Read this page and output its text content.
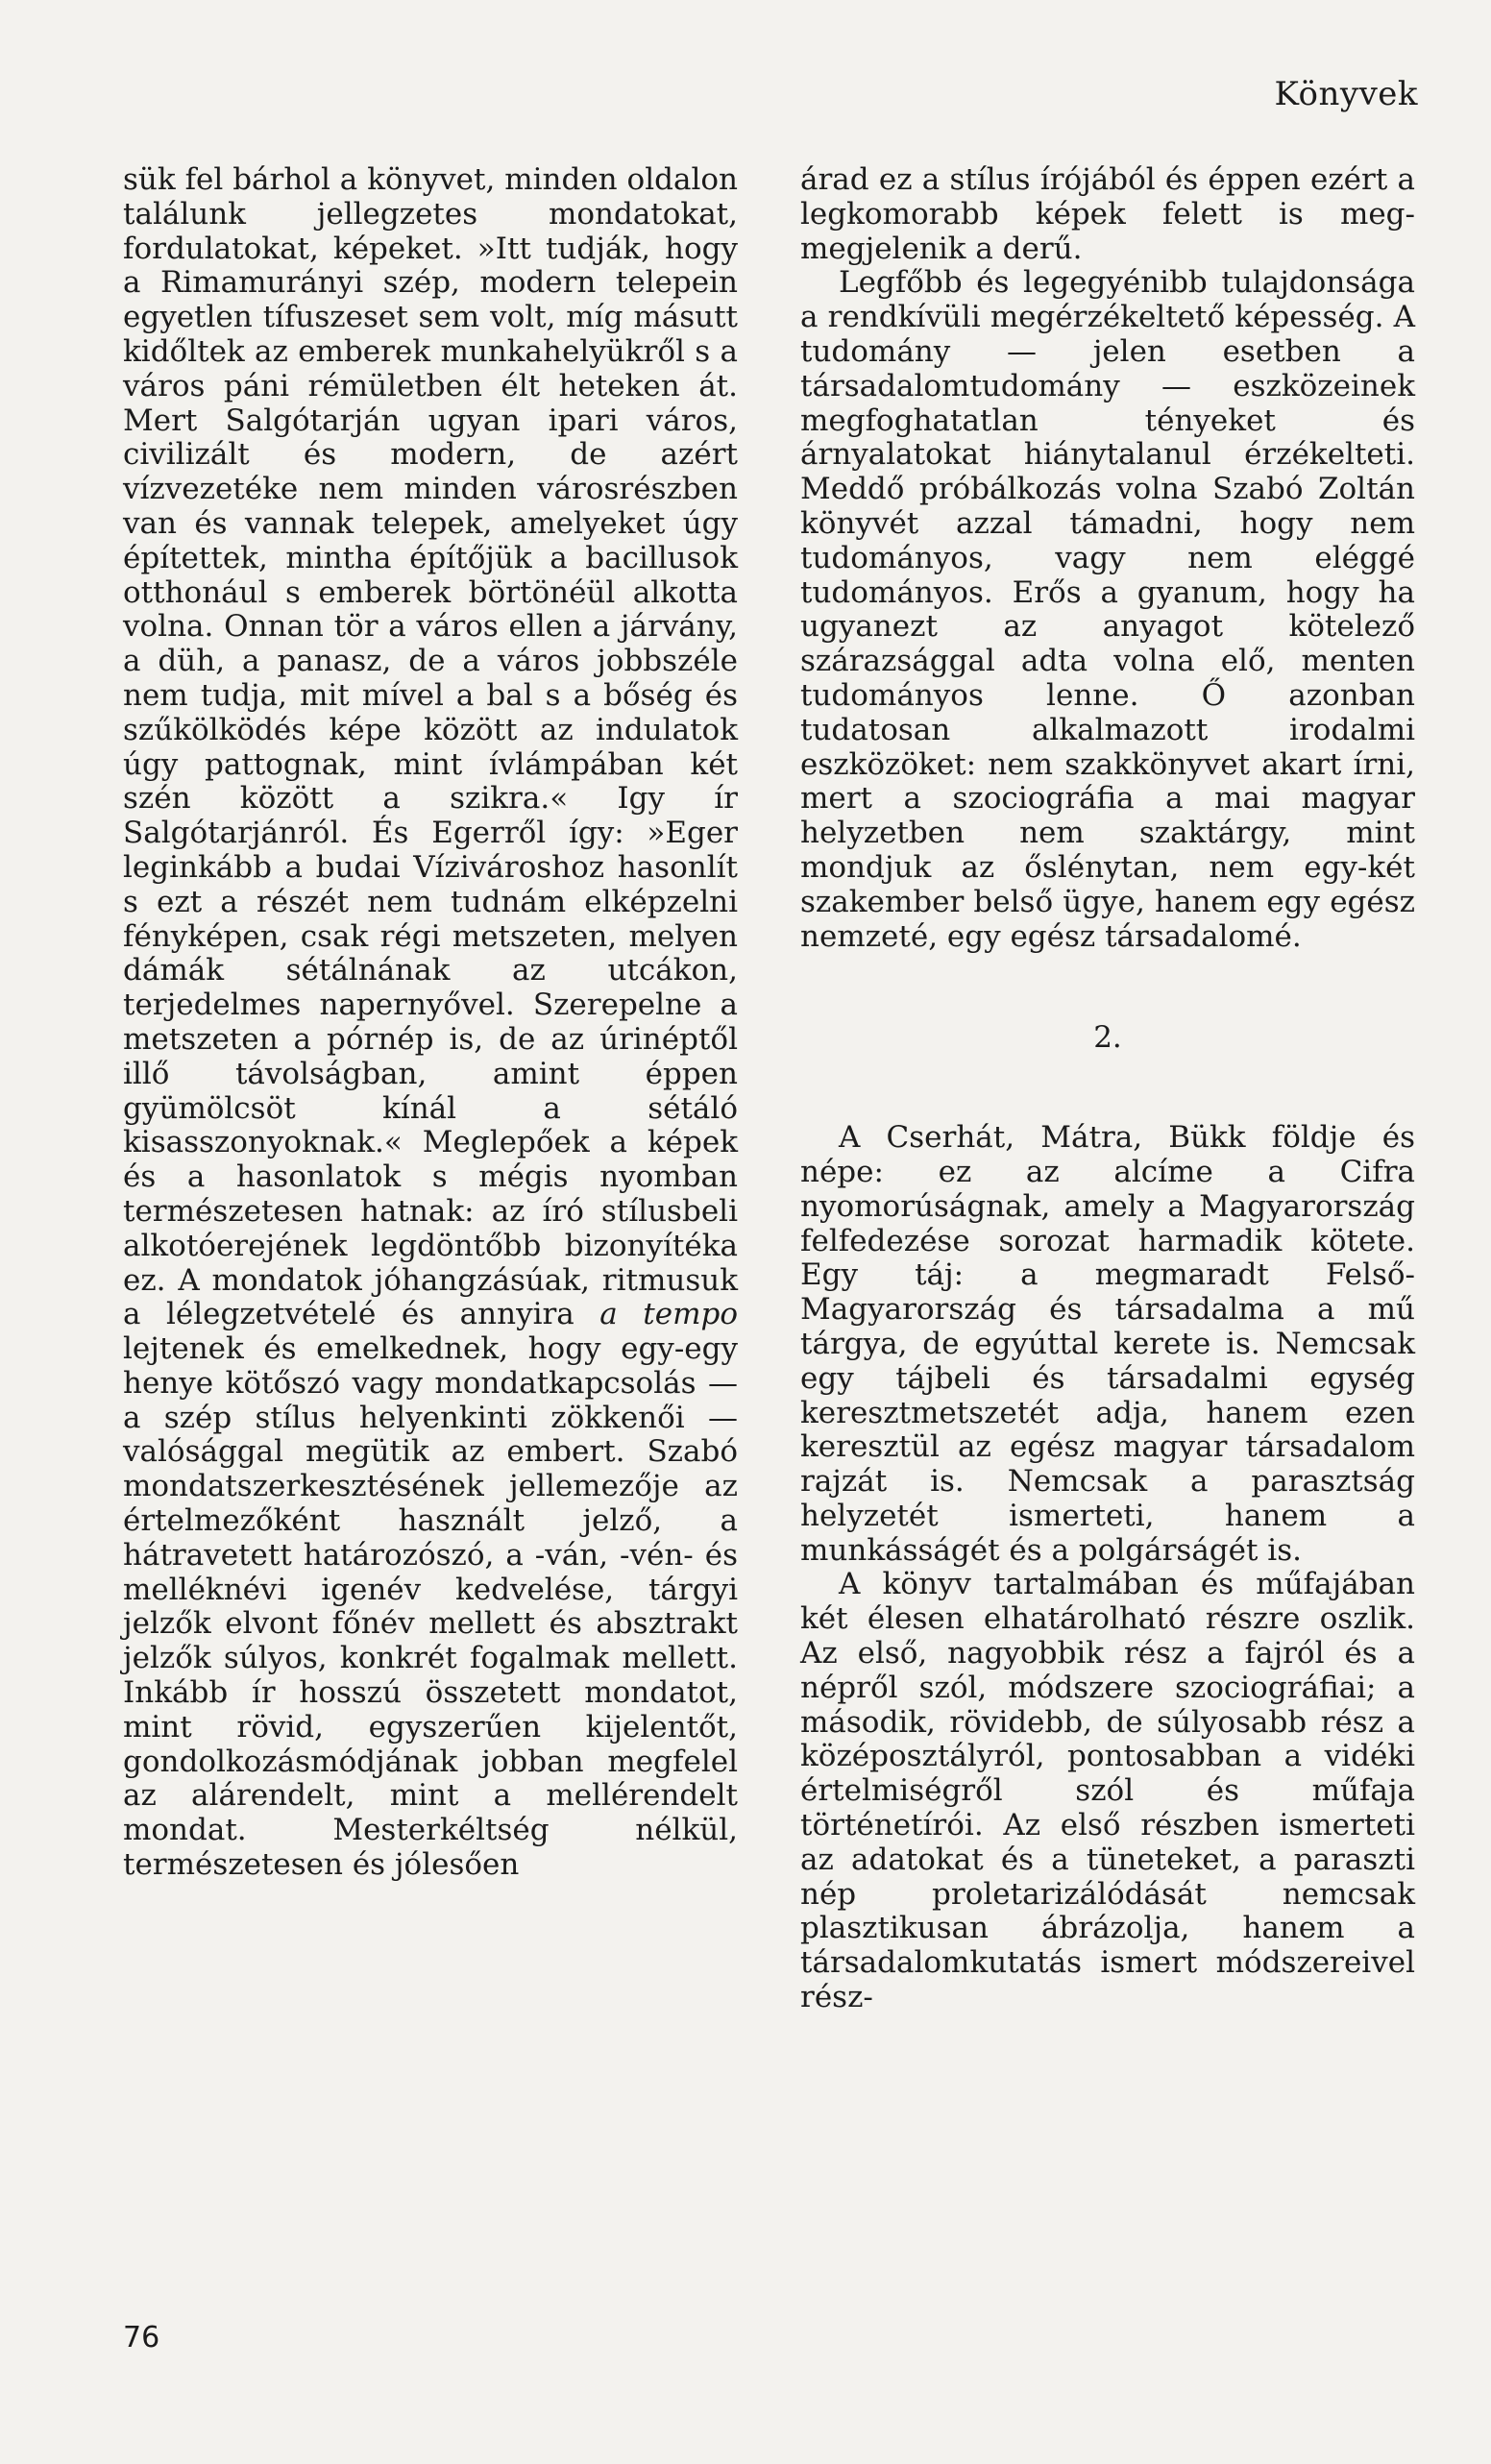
Könyvek

sük fel bárhol a könyvet, minden oldalon találunk jellegzetes mondatokat, fordulatokat, képeket. »Itt tudják, hogy a Rimamurányi szép, modern telepein egyetlen tífuszeset sem volt, míg másutt kidőltek az emberek munkahelyükről s a város páni rémületben élt heteken át. Mert Salgótarján ugyan ipari város, civilizált és modern, de azért vízvezetéke nem minden városrészben van és vannak telepek, amelyeket úgy építettek, mintha építőjük a bacillusok otthonául s emberek börtönéül alkotta volna. Onnan tör a város ellen a járvány, a düh, a panasz, de a város jobbszéle nem tudja, mit mível a bal s a bőség és szűkölködés képe között az indulatok úgy pattognak, mint ívlámpában két szén között a szikra.« Igy ír Salgótarjánról. És Egerről így: »Eger leginkább a budai Vízivároshoz hasonlít s ezt a részét nem tudnám elképzelni fényképen, csak régi metszeten, melyen dámák sétálnának az utcákon, terjedelmes napernyővel. Szerepelne a metszeten a pórnép is, de az úrinéptől illő távolságban, amint éppen gyümölcsöt kínál a sétáló kisasszonyoknak.« Meglepőek a képek és a hasonlatok s mégis nyomban természetesen hatnak: az író stílusbeli alkotóerejének legdöntőbb bizonyítéka ez. A mondatok jóhangzásúak, ritmusuk a lélegzetvételé és annyira a tempo lejtenek és emelkednek, hogy egy-egy henye kötőszó vagy mondatkapcsolás — a szép stílus helyenkinti zökkenői — valósággal megütik az embert. Szabó mondatszerkesztésének jellemezője az értelmezőként használt jelző, a hátravetett határozószó, a -ván, -vén- és melléknévi igenév kedvelése, tárgyi jelzők elvont főnév mellett és absztrakt jelzők súlyos, konkrét fogalmak mellett. Inkább ír hosszú összetett mondatot, mint rövid, egyszerűen kijelentőt, gondolkozásmódjának jobban megfelel az alárendelt, mint a mellérendelt mondat. Mesterkéltség nélkül, természetesen és jólesően

árad ez a stílus írójából és éppen ezért a legkomorabb képek felett is meg-megjelenik a derű.

Legfőbb és legegyénibb tulajdonsága a rendkívüli megérzékeltető képesség. A tudomány — jelen esetben a társadalomtudomány — eszközeinek megfoghatatlan tényeket és árnyalatokat hiánytalanul érzékelteti. Meddő próbálkozás volna Szabó Zoltán könyvét azzal támadni, hogy nem tudományos, vagy nem eléggé tudományos. Erős a gyanum, hogy ha ugyanezt az anyagot kötelező szárazsággal adta volna elő, menten tudományos lenne. Ő azonban tudatosan alkalmazott irodalmi eszközöket: nem szakkönyvet akart írni, mert a szociográfia a mai magyar helyzetben nem szaktárgy, mint mondjuk az őslénytan, nem egy-két szakember belső ügye, hanem egy egész nemzeté, egy egész társadalomé.

2.

A Cserhát, Mátra, Bükk földje és népe: ez az alcíme a Cifra nyomorúságnak, amely a Magyarország felfedezése sorozat harmadik kötete. Egy táj: a megmaradt Felső-Magyarország és társadalma a mű tárgya, de egyúttal kerete is. Nemcsak egy tájbeli és társadalmi egység keresztmetszetét adja, hanem ezen keresztül az egész magyar társadalom rajzát is. Nemcsak a parasztság helyzetét ismerteti, hanem a munkásságét és a polgárságét is.

A könyv tartalmában és műfajában két élesen elhatárolható részre oszlik. Az első, nagyobbik rész a fajról és a népről szól, módszere szociográfiai; a második, rövidebb, de súlyosabb rész a középosztályról, pontosabban a vidéki értelmiségről szól és műfaja történetírói. Az első részben ismerteti az adatokat és a tüneteket, a paraszti nép proletarizálódását nemcsak plasztikusan ábrázolja, hanem a társadalomkutatás ismert módszereivel rész-

76
